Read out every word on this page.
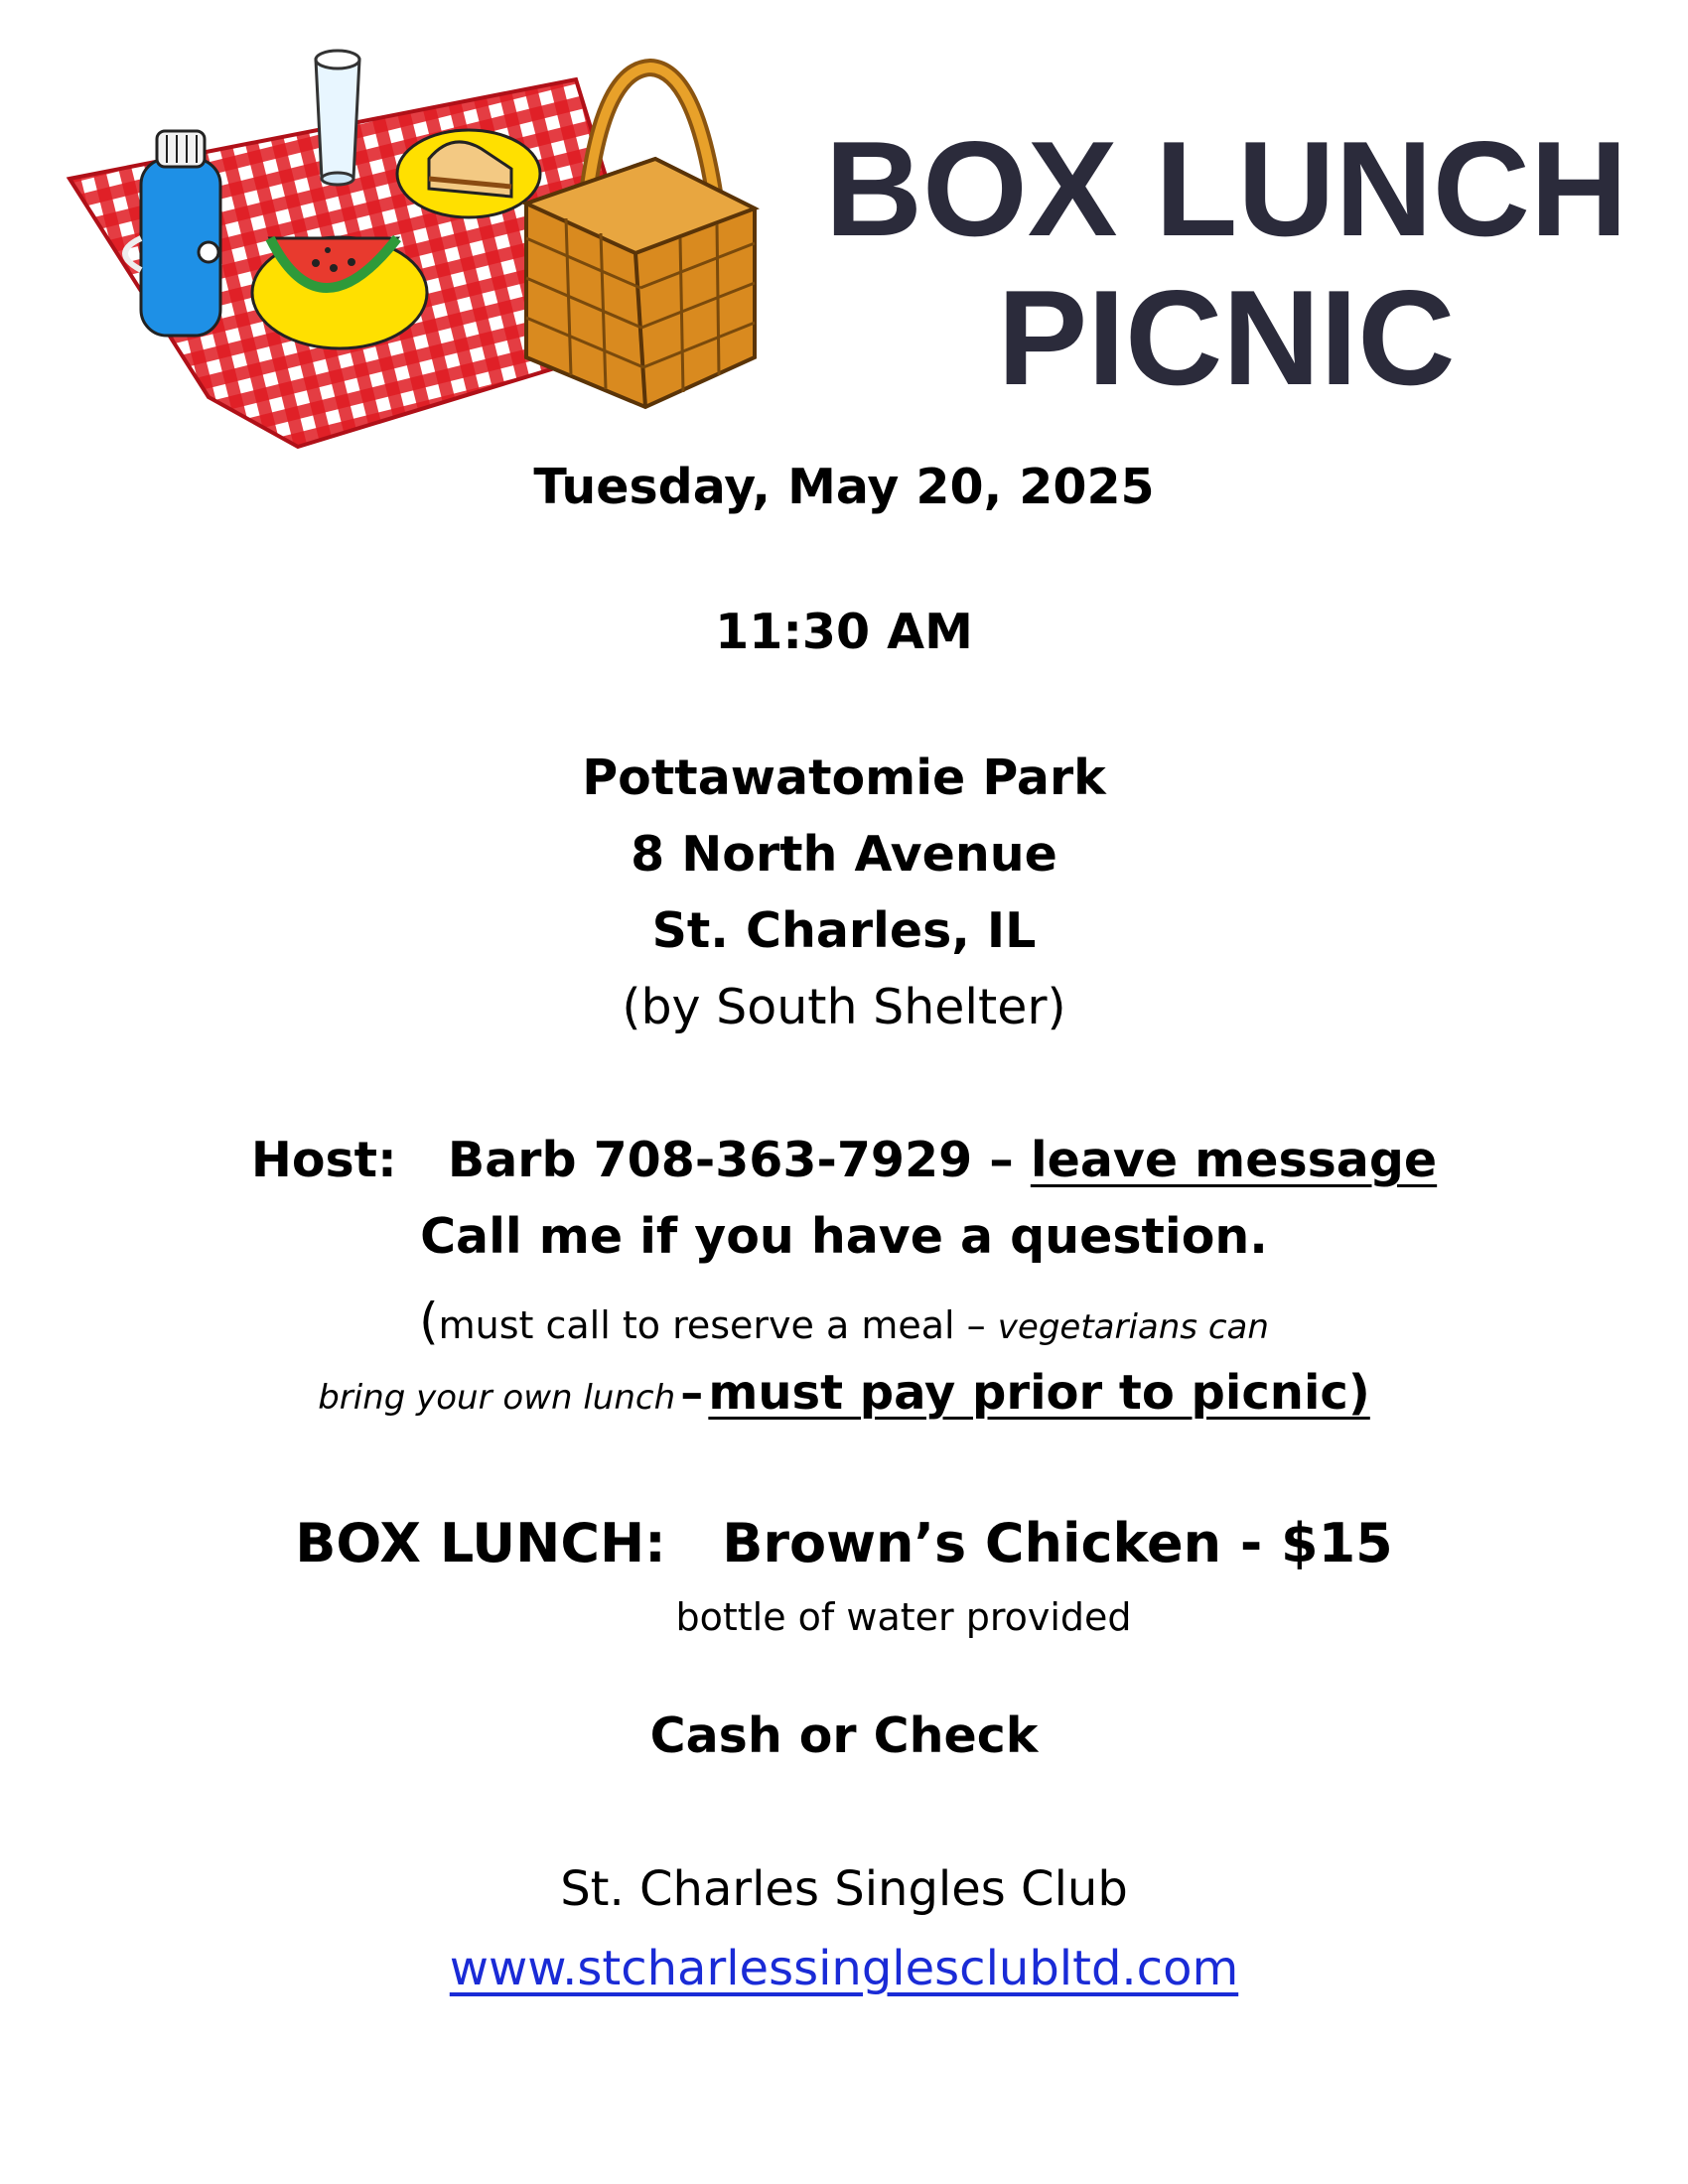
BOX LUNCH
PICNIC
Tuesday, May 20, 2025
11:30 AM
Pottawatomie Park
8 North Avenue
St. Charles, IL
(by South Shelter)
Host: Barb 708-363-7929 – leave message
Call me if you have a question.
(must call to reserve a meal – vegetarians can
bring your own lunch – must pay prior to picnic)
BOX LUNCH: Brown’s Chicken - $15
bottle of water provided
Cash or Check
St. Charles Singles Club
www.stcharlessinglesclubltd.com
